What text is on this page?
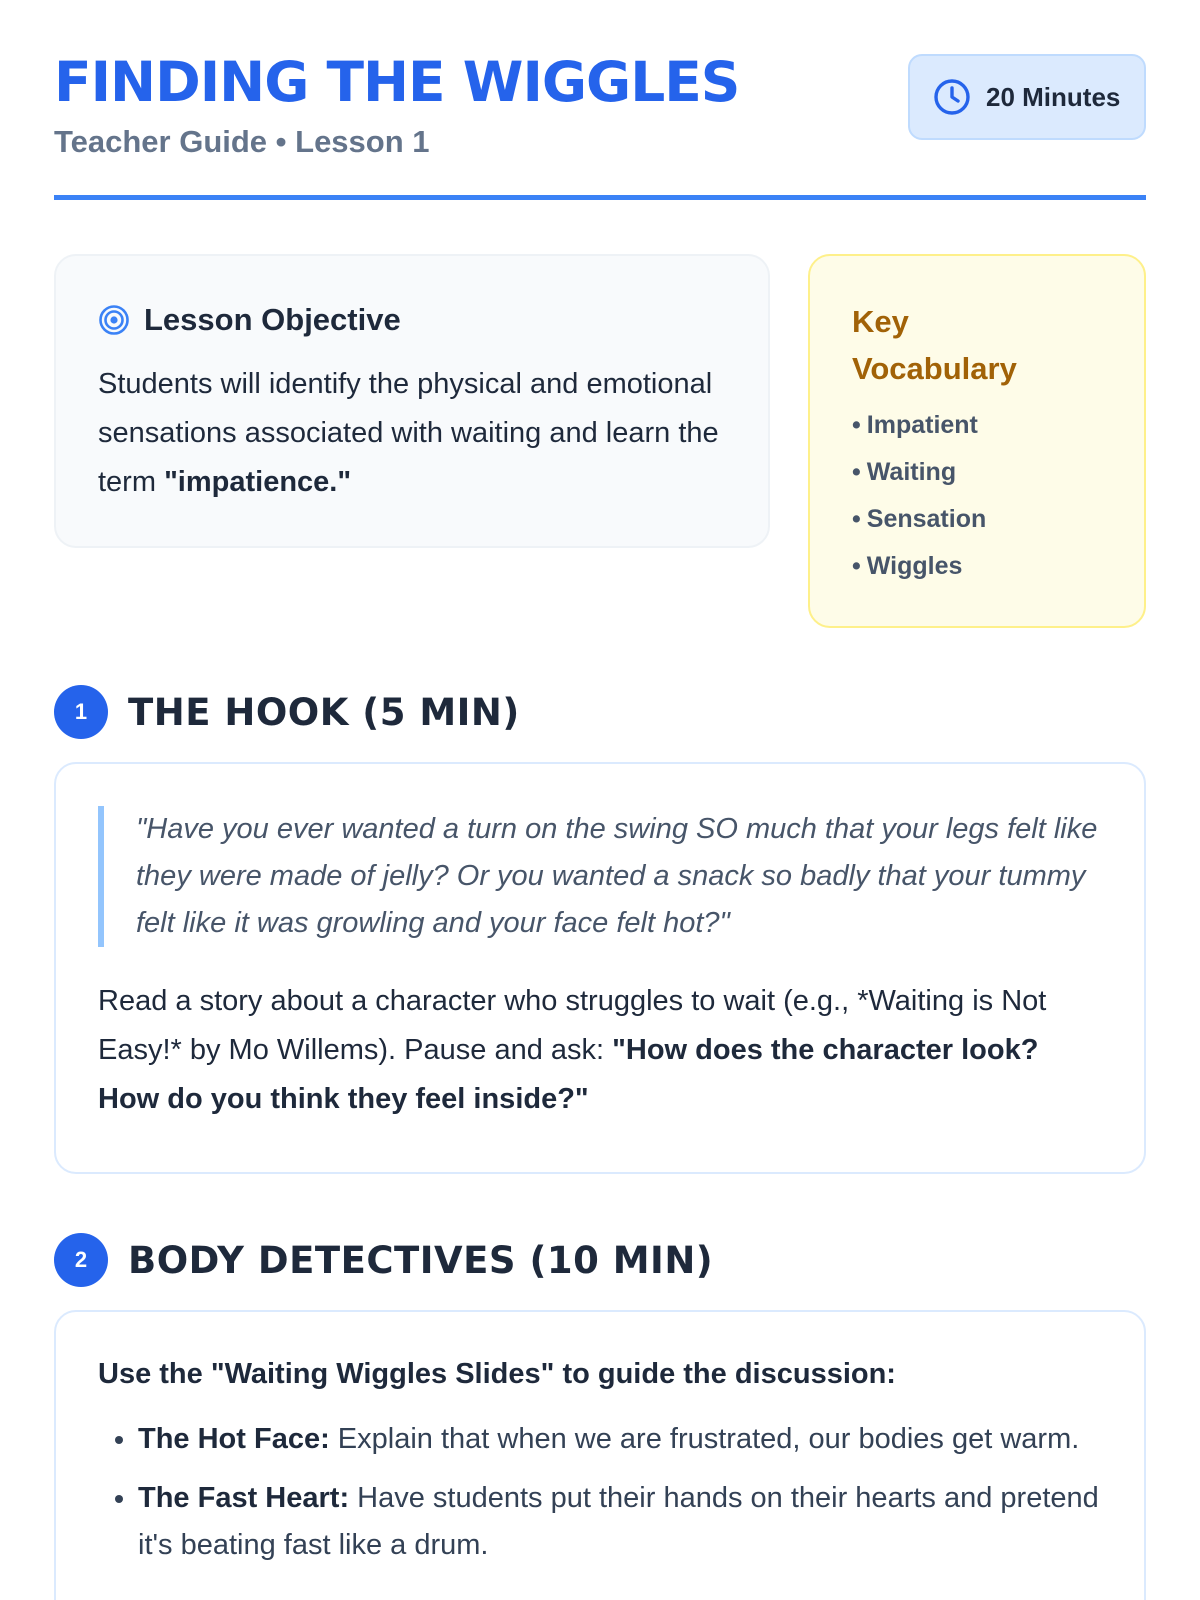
FINDING THE WIGGLES
Teacher Guide • Lesson 1
20 Minutes
Lesson Objective

Students will identify the physical and emotional sensations associated with waiting and learn the term "impatience."

Key Vocabulary
• Impatient
• Waiting
• Sensation
• Wiggles
1	THE HOOK (5 MIN)
"Have you ever wanted a turn on the swing SO much that your legs felt like they were made of jelly? Or you wanted a snack so badly that your tummy felt like it was growling and your face felt hot?"

Read a story about a character who struggles to wait (e.g., *Waiting is Not Easy!* by Mo Willems). Pause and ask: "How does the character look? How do you think they feel inside?"

2	BODY DETECTIVES (10 MIN)

Use the "Waiting Wiggles Slides" to guide the discussion:

• The Hot Face: Explain that when we are frustrated, our bodies get warm.
• The Fast Heart: Have students put their hands on their hearts and pretend it's beating fast like a drum.
